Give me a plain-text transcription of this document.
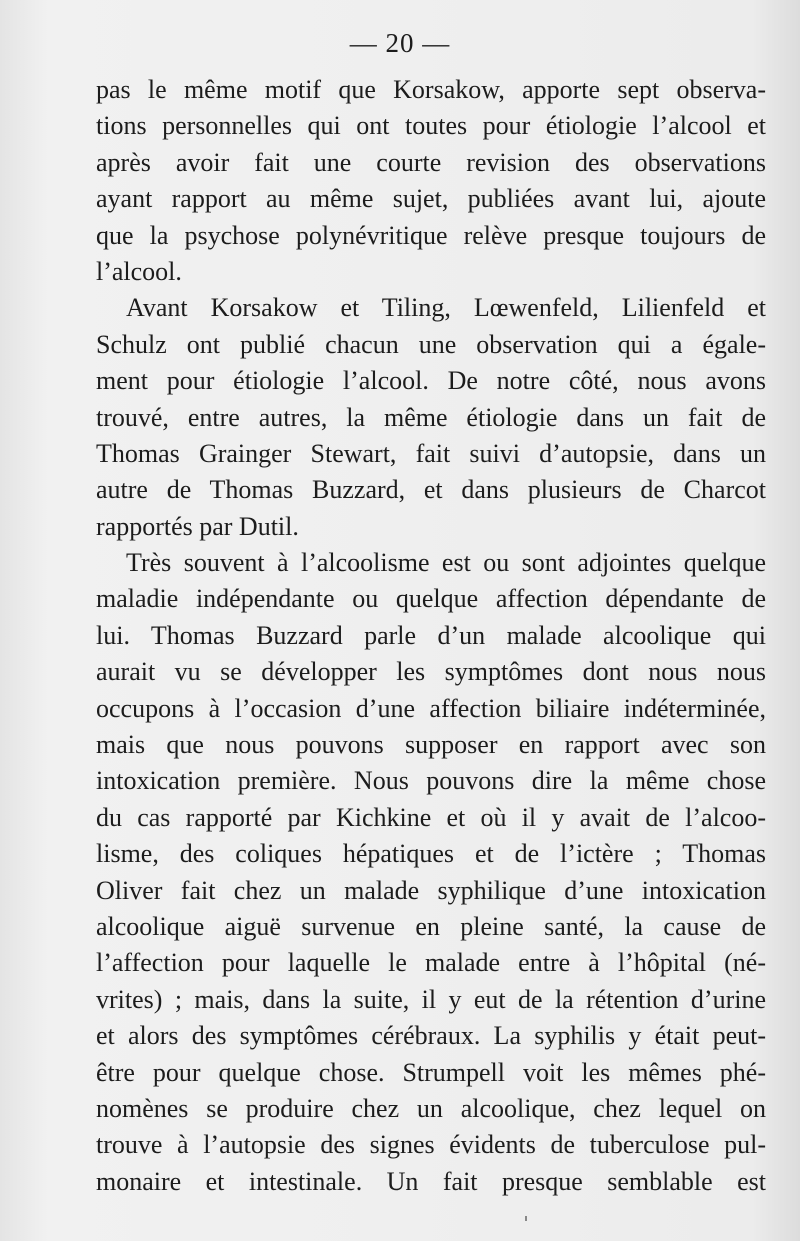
— 20 —
pas le même motif que Korsakow, apporte sept observa-
tions personnelles qui ont toutes pour étiologie l’alcool et
après avoir fait une courte revision des observations
ayant rapport au même sujet, publiées avant lui, ajoute
que la psychose polynévritique relève presque toujours de
l’alcool.
Avant Korsakow et Tiling, Lœwenfeld, Lilienfeld et
Schulz ont publié chacun une observation qui a égale-
ment pour étiologie l’alcool. De notre côté, nous avons
trouvé, entre autres, la même étiologie dans un fait de
Thomas Grainger Stewart, fait suivi d’autopsie, dans un
autre de Thomas Buzzard, et dans plusieurs de Charcot
rapportés par Dutil.
Très souvent à l’alcoolisme est ou sont adjointes quelque
maladie indépendante ou quelque affection dépendante de
lui. Thomas Buzzard parle d’un malade alcoolique qui
aurait vu se développer les symptômes dont nous nous
occupons à l’occasion d’une affection biliaire indéterminée,
mais que nous pouvons supposer en rapport avec son
intoxication première. Nous pouvons dire la même chose
du cas rapporté par Kichkine et où il y avait de l’alcoo-
lisme, des coliques hépatiques et de l’ictère ; Thomas
Oliver fait chez un malade syphilique d’une intoxication
alcoolique aiguë survenue en pleine santé, la cause de
l’affection pour laquelle le malade entre à l’hôpital (né-
vrites) ; mais, dans la suite, il y eut de la rétention d’urine
et alors des symptômes cérébraux. La syphilis y était peut-
être pour quelque chose. Strumpell voit les mêmes phé-
nomènes se produire chez un alcoolique, chez lequel on
trouve à l’autopsie des signes évidents de tuberculose pul-
monaire et intestinale. Un fait presque semblable est
